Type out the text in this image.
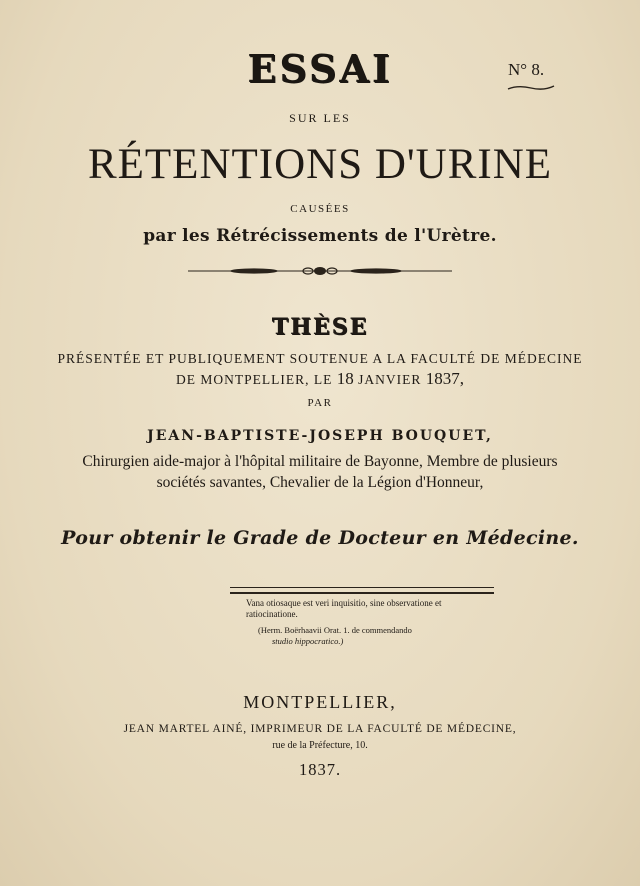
ESSAI	N° 8.
SUR LES
RÉTENTIONS D'URINE
CAUSÉES
par les Rétrécissements de l'Urètre.
THÈSE
PRÉSENTÉE ET PUBLIQUEMENT SOUTENUE A LA FACULTÉ DE MÉDECINE
DE MONTPELLIER, LE 18 JANVIER 1837,
PAR
JEAN-BAPTISTE-JOSEPH BOUQUET,
Chirurgien aide-major à l'hôpital militaire de Bayonne, Membre de plusieurs
sociétés savantes, Chevalier de la Légion d'Honneur,
Pour obtenir le Grade de Docteur en Médecine.
Vana otiosaque est veri inquisitio, sine observatione et ratiocinatione.
(Herm. Boërhaavii Orat. 1. de commendando
studio hippocratico.)
MONTPELLIER,
JEAN MARTEL AINÉ, IMPRIMEUR DE LA FACULTÉ DE MÉDECINE,
rue de la Préfecture, 10.
1837.
